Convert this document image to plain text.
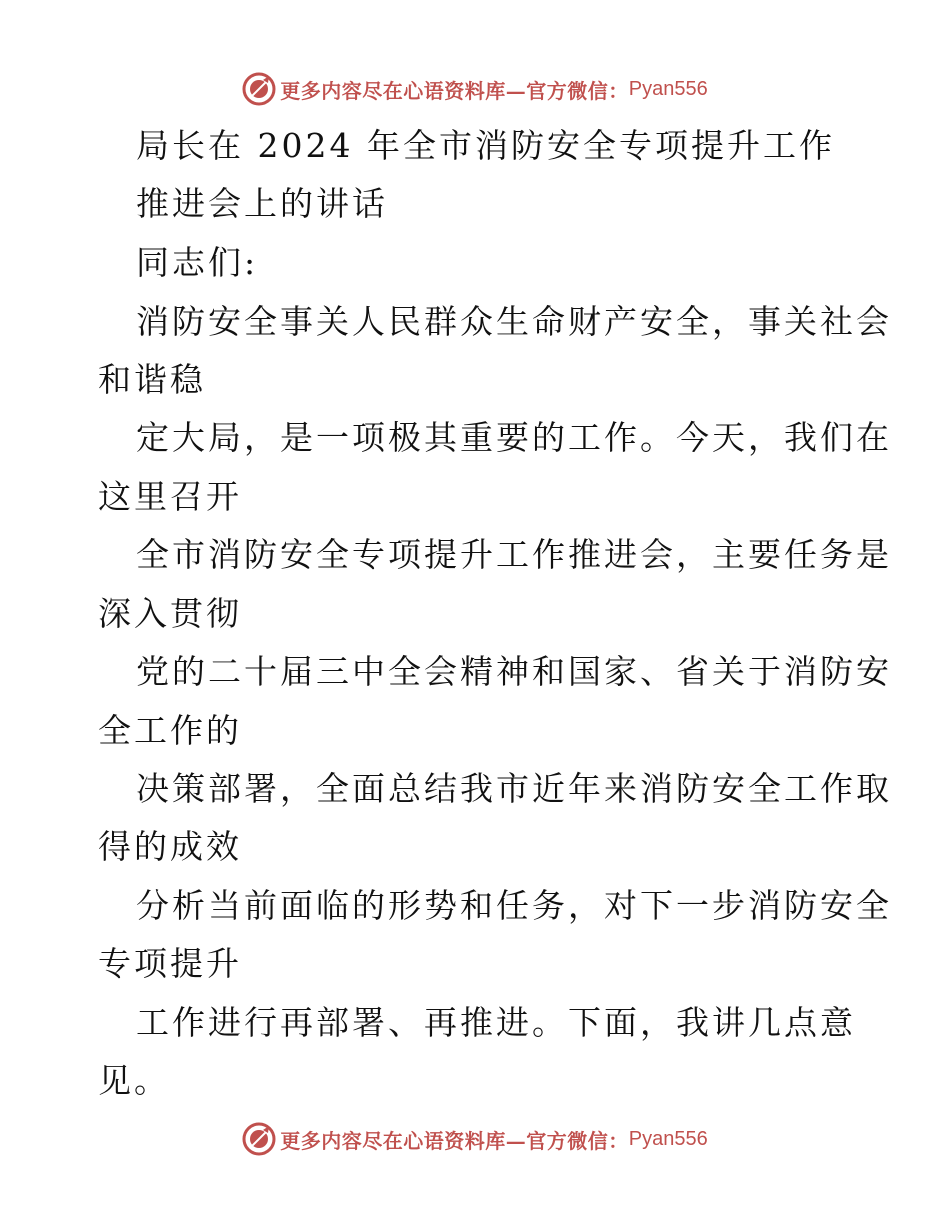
更多内容尽在心语资料库—官方微信： Pyan556
局长在 2024 年全市消防安全专项提升工作
推进会上的讲话
同志们:
消防安全事关人民群众生命财产安全，事关社会
和谐稳
定大局，是一项极其重要的工作。今天，我们在
这里召开
全市消防安全专项提升工作推进会，主要任务是
深入贯彻
党的二十届三中全会精神和国家、省关于消防安
全工作的
决策部署，全面总结我市近年来消防安全工作取
得的成效
分析当前面临的形势和任务，对下一步消防安全
专项提升
工作进行再部署、再推进。下面，我讲几点意
见。
更多内容尽在心语资料库—官方微信： Pyan556
